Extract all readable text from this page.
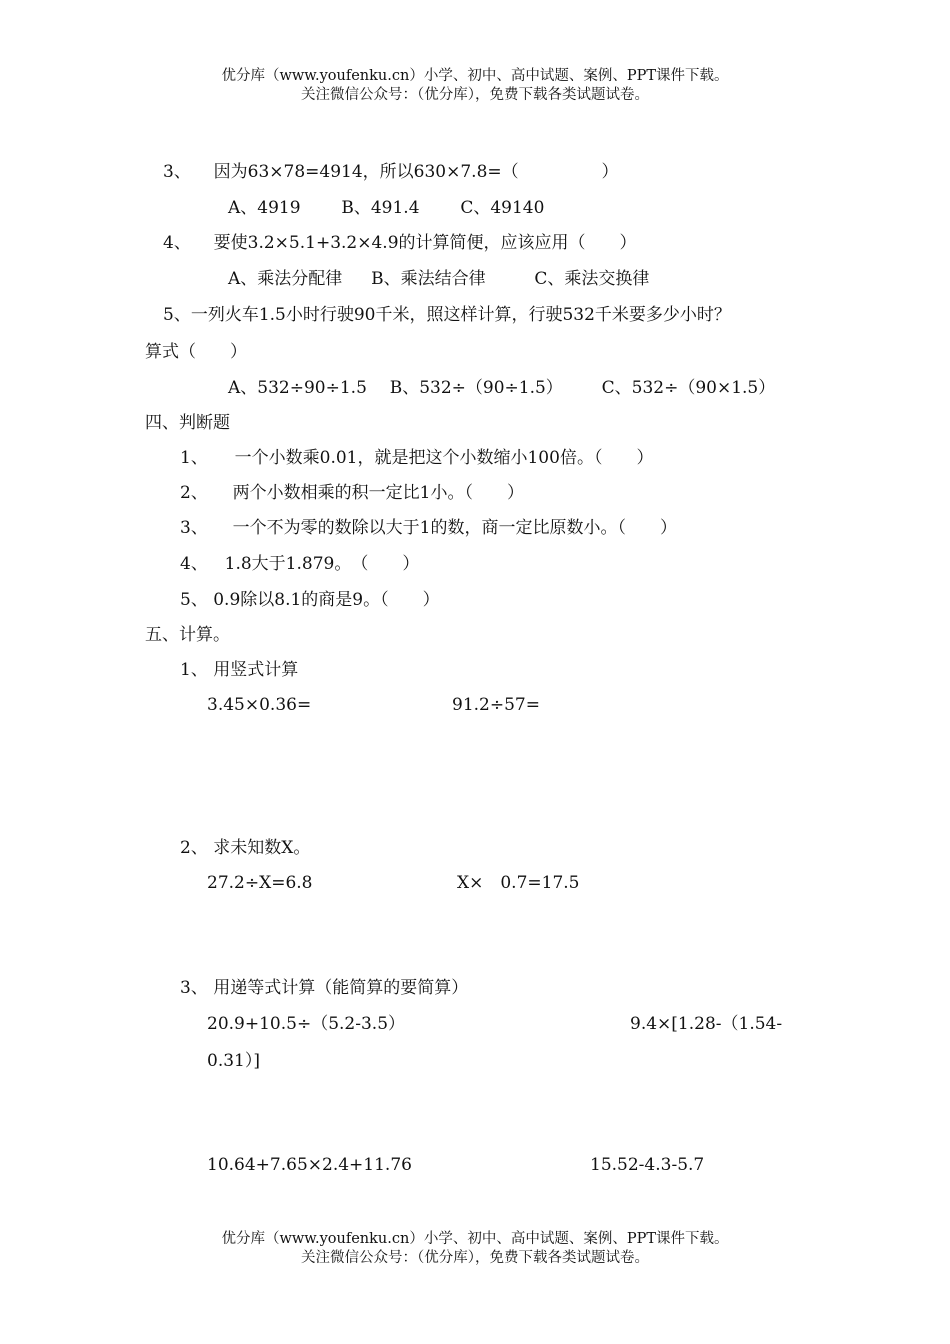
优分库（www.youfenku.cn）小学、初中、高中试题、案例、PPT课件下载。
关注微信公众号：（优分库），免费下载各类试题试卷。
3、 因为63×78=4914，所以630×7.8=（	）
A、4919 B、491.4 C、49140
4、 要使3.2×5.1+3.2×4.9的计算简便，应该应用（　　）
A、乘法分配律 B、乘法结合律	C、乘法交换律
5、一列火车1.5小时行驶90千米，照这样计算，行驶532千米要多少小时？
算式（　　）
A、532÷90÷1.5 B、532÷（90÷1.5） C、532÷（90×1.5）
四、判断题
1、 一个小数乘0.01，就是把这个小数缩小100倍。（　　）
2、 两个小数相乘的积一定比1小。（　　）
3、 一个不为零的数除以大于1的数，商一定比原数小。（　　）
4、 1.8大于1.879。　（　　）
5、 0.9除以8.1的商是9。（　　）
五、计算。
1、 用竖式计算
3.45×0.36=	91.2÷57=
2、 求未知数X。
27.2÷X=6.8	X×　0.7=17.5
3、 用递等式计算（能简算的要简算）
20.9+10.5÷（5.2-3.5）	9.4×[1.28-（1.54-
0.31）]
10.64+7.65×2.4+11.76	15.52-4.3-5.7
优分库（www.youfenku.cn）小学、初中、高中试题、案例、PPT课件下载。
关注微信公众号：（优分库），免费下载各类试题试卷。
